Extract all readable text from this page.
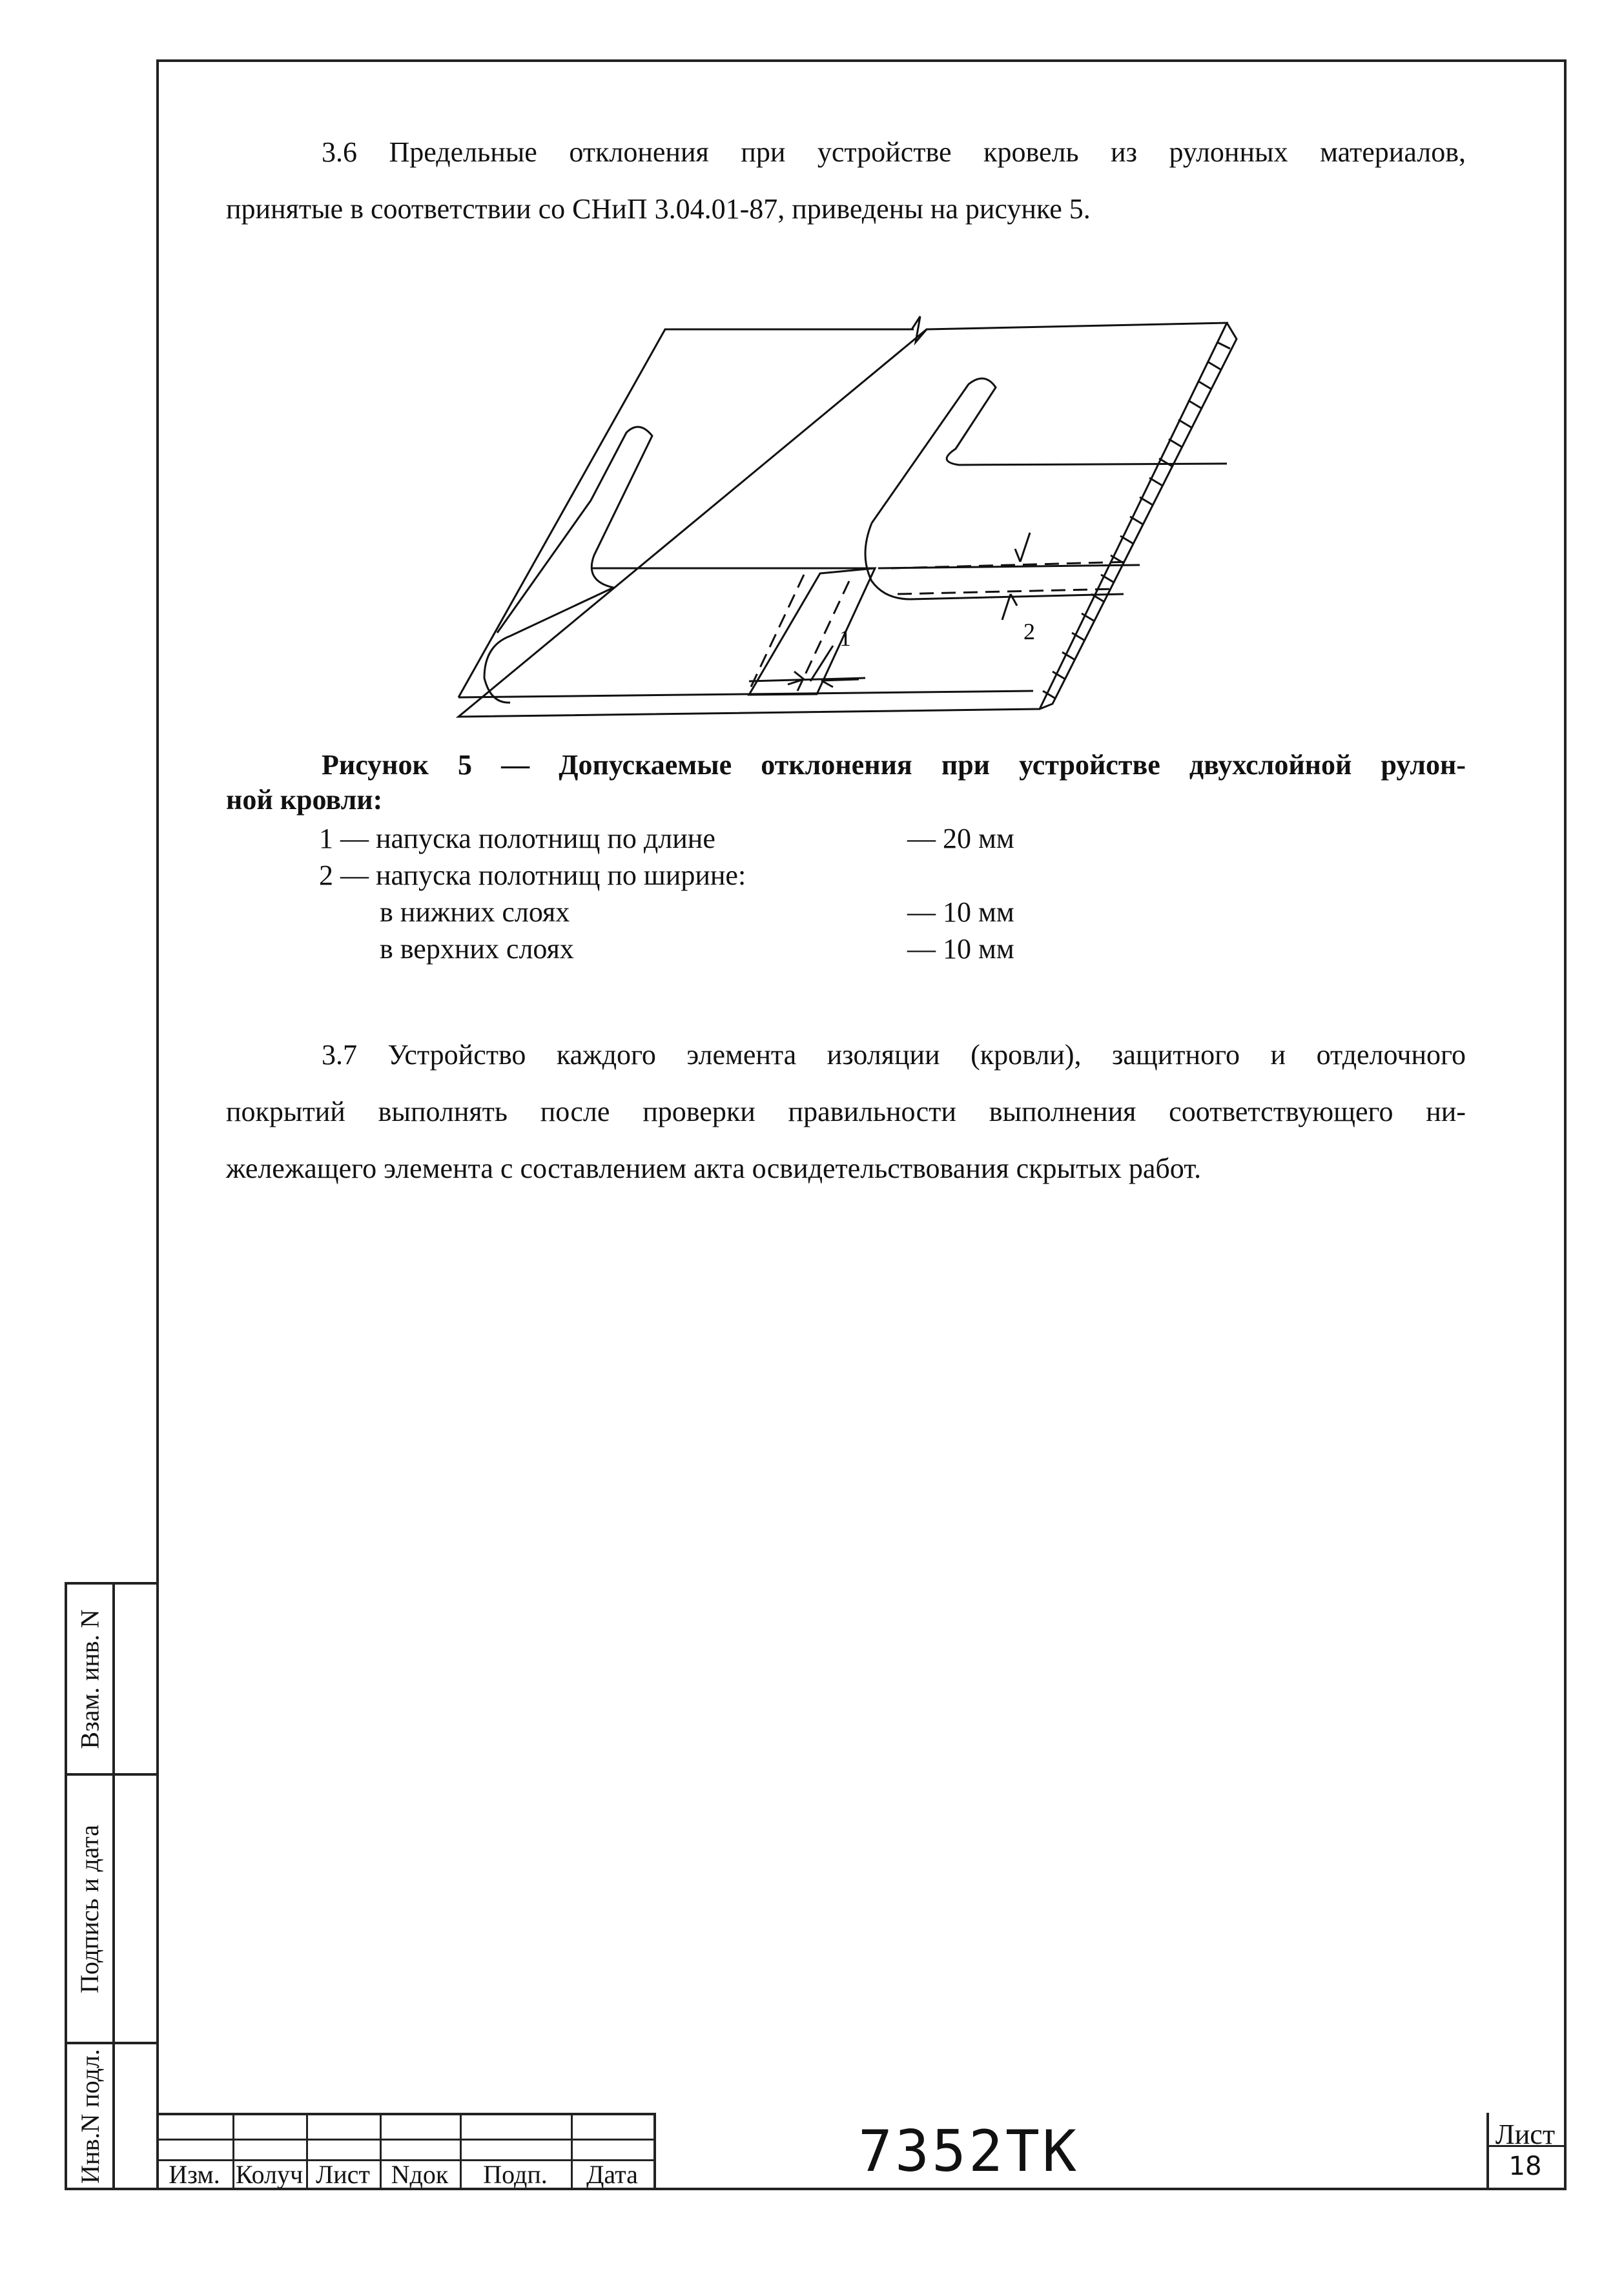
3.6 Предельные отклонения при устройстве кровель из рулонных материалов,
принятые в соответствии со СНиП 3.04.01-87, приведены на рисунке 5.
1	2
Рисунок 5 — Допускаемые отклонения при устройстве двухслойной рулон-
ной кровли:
1 — напуска полотнищ по длине	— 20 мм
2 — напуска полотнищ по ширине:
в нижних слоях	— 10 мм
в верхних слоях	— 10 мм
3.7 Устройство каждого элемента изоляции (кровли), защитного и отделочного
покрытий выполнять после проверки правильности выполнения соответствующего ни-
жележащего элемента с составлением акта освидетельствования скрытых работ.
Взам. инв. N
Подпись и дата
Инв.N подл.	Изм. Колуч Лист Nдок	Подп.	Дата	7352ТК	Лист
18
